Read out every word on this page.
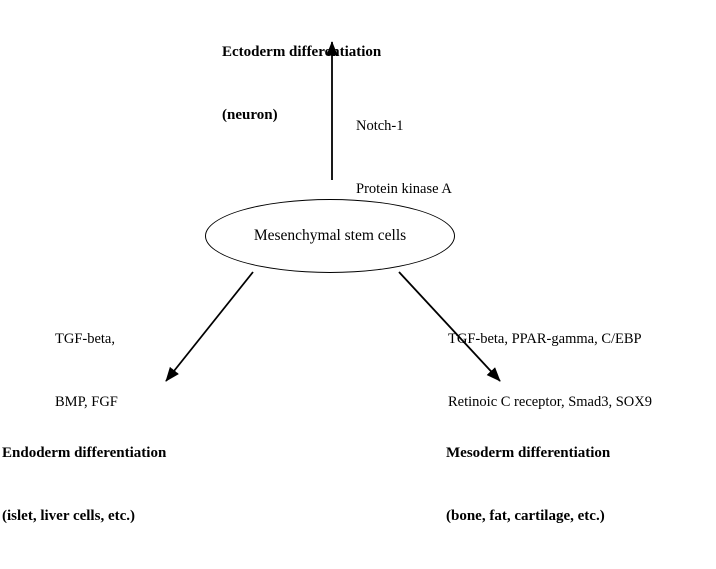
Mesenchymal stem cells

Ectoderm differentiation

(neuron)

Endoderm differentiation

(islet, liver cells, etc.)

Mesoderm differentiation

(bone, fat, cartilage, etc.)

Notch-1

Protein kinase A

TGF-beta,

BMP, FGF

TGF-beta, PPAR-gamma, C/EBP

Retinoic C receptor, Smad3, SOX9
